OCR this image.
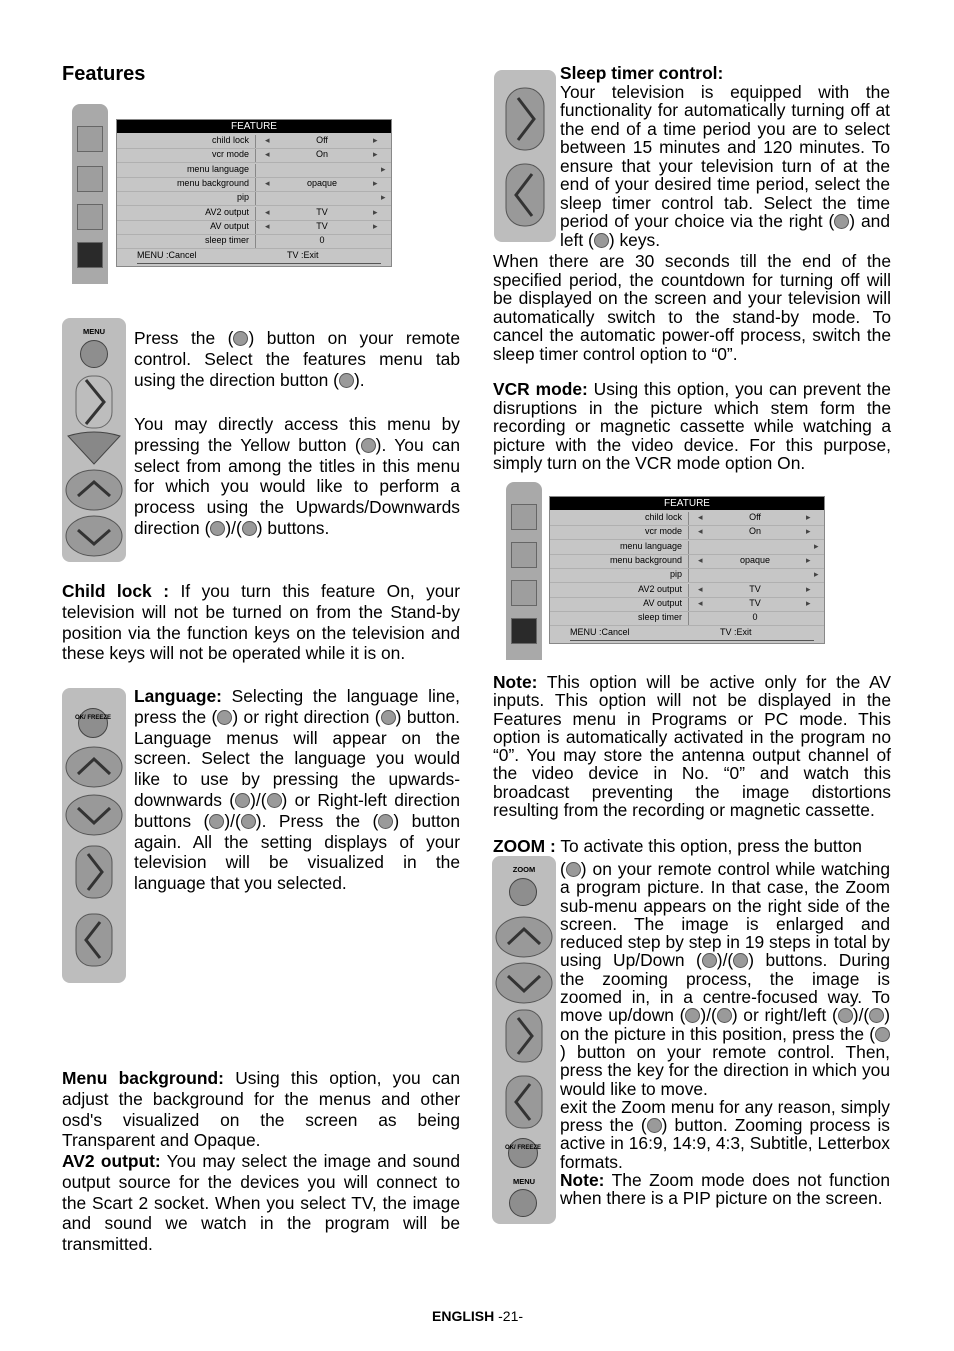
Features
FEATURE
child lock ◂	Off	▸
vcr mode ◂	On	▸
menu language	▸
menu background ◂	opaque	▸
pip	▸
AV2 output ◂	TV	▸
AV output ◂	TV	▸
sleep timer	0
MENU :Cancel	TV :Exit
FEATURE
child lock ◂	Off	▸
vcr mode ◂	On	▸
menu language	▸
menu background ◂	opaque	▸
pip	▸
AV2 output ◂	TV	▸
AV output ◂	TV	▸
sleep timer	0
MENU :Cancel	TV :Exit
MENU
OK/ FREEZE
ZOOM
OK/ FREEZE
MENU
Press the ( ) button on your remote control. Select the features menu tab using the direction button ( ).
You may directly access this menu by pressing the Yellow button ( ). You can select from among the titles in this menu for which you would like to perform a process using the Upwards/Downwards direction ( )/( ) buttons.
Child lock : If you turn this feature On, your television will not be turned on from the Stand-by position via the function keys on the television and these keys will not be operated while it is on.
Language: Selecting the language line, press the ( ) or right direction ( ) button. Language menus will appear on the screen. Select the language you would like to use by pressing the upwards-downwards ( )/( ) or Right-left direction buttons ( )/( ). Press the ( ) button again. All the setting displays of your television will be visualized in the language that you selected.
Menu background: Using this option, you can adjust the background for the menus and other osd's visualized on the screen as being Transparent and Opaque.
AV2 output: You may select the image and sound output source for the devices you will connect to the Scart 2 socket. When you select TV, the image and sound we watch in the program will be transmitted.
Sleep timer control:
Your television is equipped with the functionality for automatically turning off at the end of a time period you are to select between 15 minutes and 120 minutes. To ensure that your television turn of at the end of your desired time period, select the sleep timer control tab. Select the time period of your choice via the right ( ) and left ( ) keys.
When there are 30 seconds till the end of the specified period, the countdown for turning off will be displayed on the screen and your television will automatically switch to the stand-by mode. To cancel the automatic power-off process, switch the sleep timer control option to “0”.
VCR mode: Using this option, you can prevent the disruptions in the picture which stem form the recording or magnetic cassette while watching a picture with the video device. For this purpose, simply turn on the VCR mode option On.
Note: This option will be active only for the AV inputs. This option will not be displayed in the Features menu in Programs or PC mode. This option is automatically activated in the program no “0”. You may store the antenna output channel of the video device in No. “0” and watch this broadcast preventing the image distortions resulting from the recording or magnetic cassette.
ZOOM : To activate this option, press the button
( ) on your remote control while watching a program picture. In that case, the Zoom sub-menu appears on the right side of the screen. The image is enlarged and reduced step by step in 19 steps in total by using Up/Down ( )/( ) buttons. During the zooming process, the image is zoomed in, in a centre-focused way. To move up/down ( )/( ) or right/left ( )/( ) on the picture in this position, press the () button on your remote control. Then, press the key for the direction in which you would like to move.
exit the Zoom menu for any reason, simply press the ( ) button. Zooming process is active in 16:9, 14:9, 4:3, Subtitle, Letterbox formats.
Note: The Zoom mode does not function when there is a PIP picture on the screen.
ENGLISH -21-
